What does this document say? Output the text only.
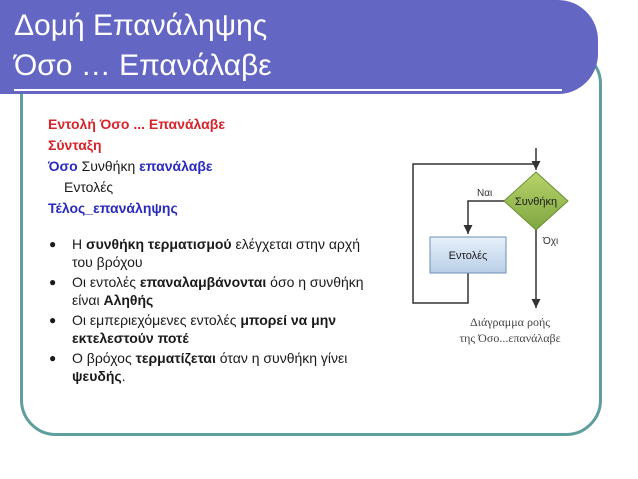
Δομή Επανάληψης
Όσο … Επανάλαβε
Εντολή Όσο ... Επανάλαβε
Σύνταξη
Όσο Συνθήκη επανάλαβε
Εντολές
Τέλος_επανάληψης
● Η συνθήκη τερματισμού ελέγχεται στην αρχή του βρόχου
● Οι εντολές επαναλαμβάνονται όσο η συνθήκη είναι Αληθής
● Οι εμπεριεχόμενες εντολές μπορεί να μην εκτελεστούν ποτέ
● Ο βρόχος τερματίζεται όταν η συνθήκη γίνει ψευδής.
Συνθήκη
Ναι
Εντολές
Όχι
Διάγραμμα ροής
της Όσο...επανάλαβε
